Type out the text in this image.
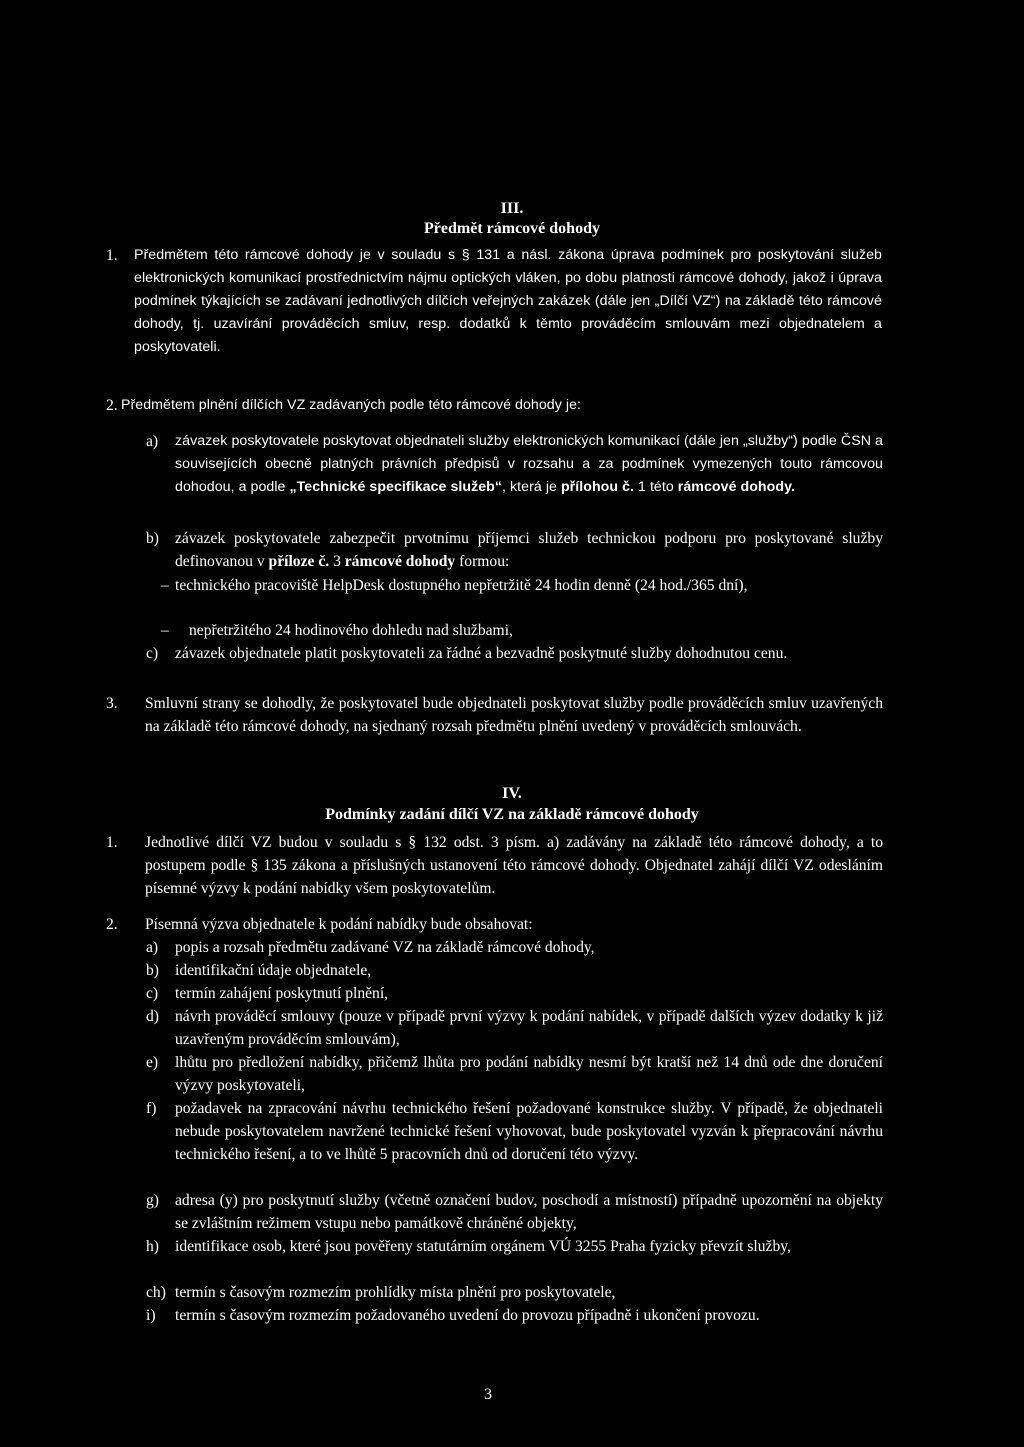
III.
Předmět rámcové dohody
1. Předmětem této rámcové dohody je v souladu s § 131 a násl. zákona úprava podmínek pro poskytování služeb elektronických komunikací prostřednictvím nájmu optických vláken, po dobu platnosti rámcové dohody, jakož i úprava podmínek týkajících se zadávaní jednotlivých dílčích veřejných zakázek (dále jen „Dílčí VZ“) na základě této rámcové dohody, tj. uzavírání prováděcích smluv, resp. dodatků k těmto prováděcím smlouvám mezi objednatelem a poskytovateli.

2. Předmětem plnění dílčích VZ zadávaných podle této rámcové dohody je:

a) závazek poskytovatele poskytovat objednateli služby elektronických komunikací (dále jen „služby“) podle ČSN a souvisejících obecně platných právních předpisů v rozsahu a za podmínek vymezených touto rámcovou dohodou, a podle „Technické specifikace služeb“, která je přílohou č. 1 této rámcové dohody.

b) závazek poskytovatele zabezpečit prvotnímu příjemci služeb technickou podporu pro poskytované služby definovanou v příloze č. 3 rámcové dohody formou:

– technického pracoviště HelpDesk dostupného nepřetržitě 24 hodin denně (24 hod./365 dní),

– nepřetržitého 24 hodinového dohledu nad službami,

c) závazek objednatele platit poskytovateli za řádné a bezvadně poskytnuté služby dohodnutou cenu.

3. Smluvní strany se dohodly, že poskytovatel bude objednateli poskytovat služby podle prováděcích smluv uzavřených na základě této rámcové dohody, na sjednaný rozsah předmětu plnění uvedený v prováděcích smlouvách.

IV.
Podmínky zadání dílčí VZ na základě rámcové dohody
1. Jednotlivé dílčí VZ budou v souladu s § 132 odst. 3 písm. a) zadávány na základě této rámcové dohody, a to postupem podle § 135 zákona a příslušných ustanovení této rámcové dohody. Objednatel zahájí dílčí VZ odesláním písemné výzvy k podání nabídky všem poskytovatelům.

2. Písemná výzva objednatele k podání nabídky bude obsahovat:

a) popis a rozsah předmětu zadávané VZ na základě rámcové dohody,

b) identifikační údaje objednatele,

c) termín zahájení poskytnutí plnění,

d) návrh prováděcí smlouvy (pouze v případě první výzvy k podání nabídek, v případě dalších výzev dodatky k již uzavřeným prováděcím smlouvám),

e) lhůtu pro předložení nabídky, přičemž lhůta pro podání nabídky nesmí být kratší než 14 dnů ode dne doručení výzvy poskytovateli,

f) požadavek na zpracování návrhu technického řešení požadované konstrukce služby. V případě, že objednateli nebude poskytovatelem navržené technické řešení vyhovovat, bude poskytovatel vyzván k přepracování návrhu technického řešení, a to ve lhůtě 5 pracovních dnů od doručení této výzvy.

g) adresa (y) pro poskytnutí služby (včetně označení budov, poschodí a místností) případně upozornění na objekty se zvláštním režimem vstupu nebo památkově chráněné objekty,

h) identifikace osob, které jsou pověřeny statutárním orgánem VÚ 3255 Praha fyzicky převzít služby,

ch) termín s časovým rozmezím prohlídky místa plnění pro poskytovatele,

i) termín s časovým rozmezím požadovaného uvedení do provozu případně i ukončení provozu.

3
